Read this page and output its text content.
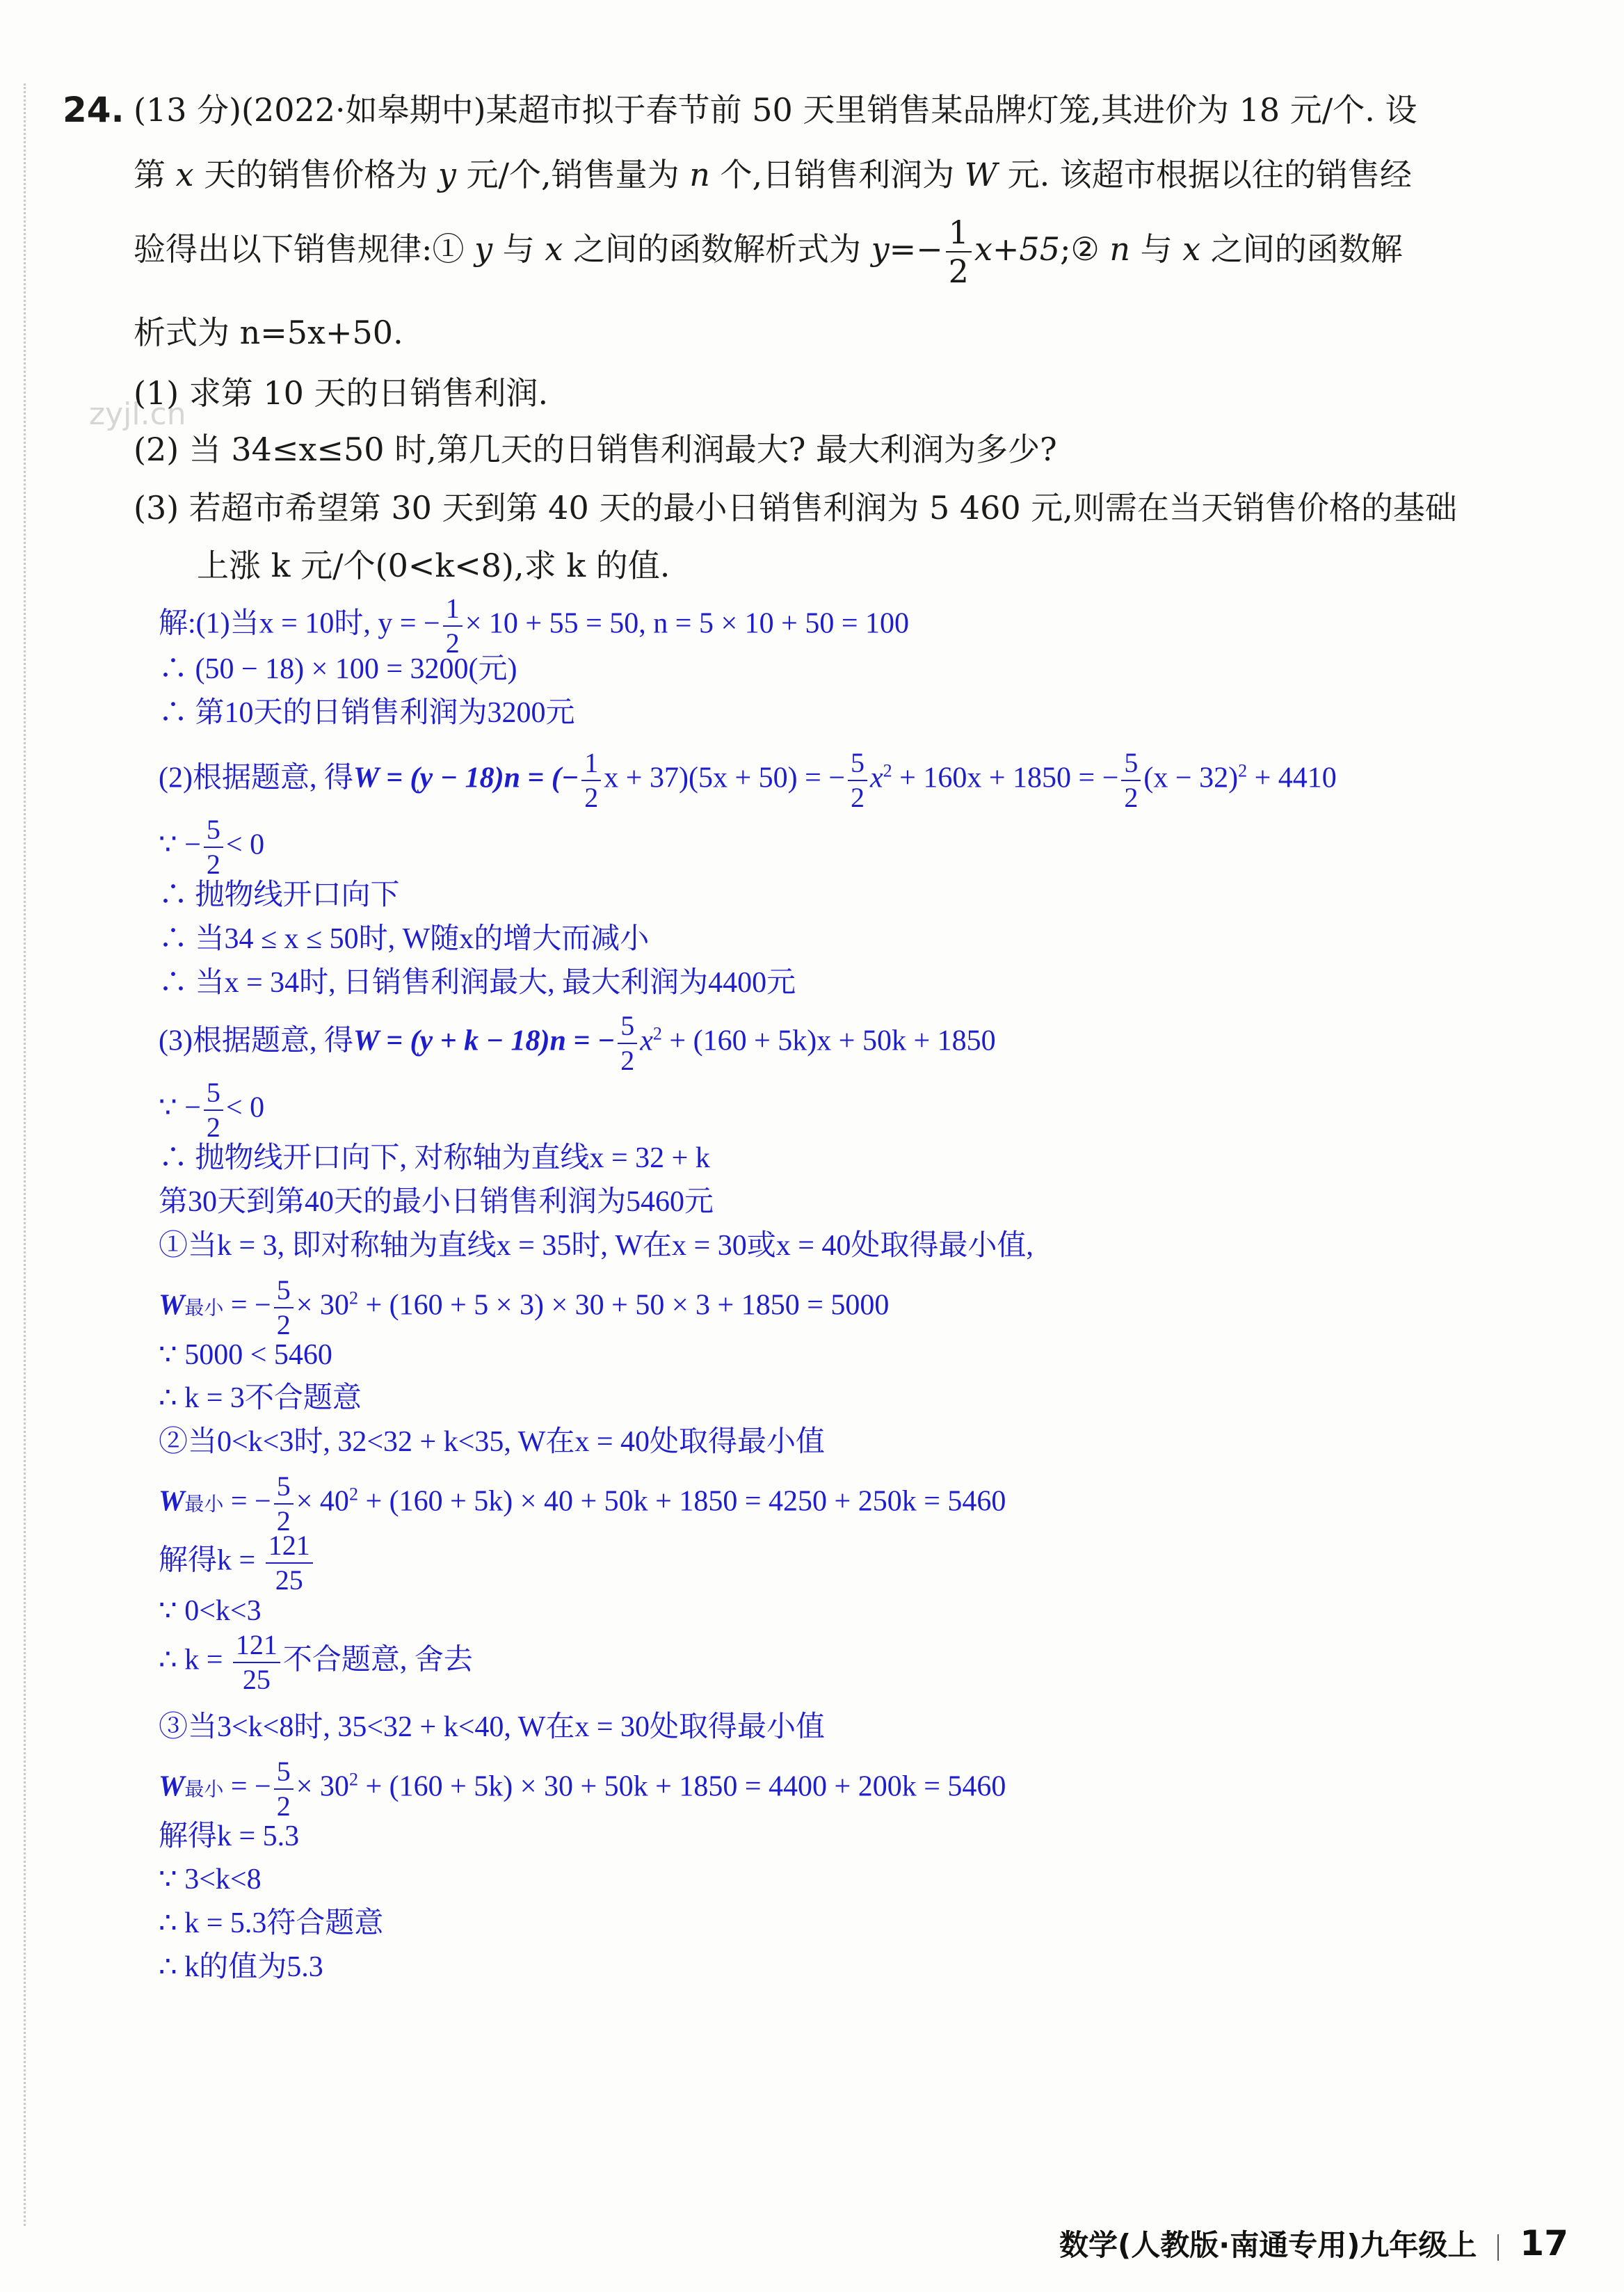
zyjl.cn
24. (13 分)(2022·如皋期中)某超市拟于春节前 50 天里销售某品牌灯笼,其进价为 18 元/个. 设
第 x 天的销售价格为 y 元/个,销售量为 n 个,日销售利润为 W 元. 该超市根据以往的销售经
验得出以下销售规律:① y 与 x 之间的函数解析式为 $y=- \frac{1}{2}$ x+55;② n 与 x 之间的函数解
析式为 n=5x+50.
(1) 求第 10 天的日销售利润.
(2) 当 34≤x≤50 时,第几天的日销售利润最大? 最大利润为多少?
(3) 若超市希望第 30 天到第 40 天的最小日销售利润为 5 460 元,则需在当天销售价格的基础
上涨 k 元/个(0<k<8),求 k 的值.
解:(1)当x = 10时, y = − $\frac{1}{2} \times 10 + 55 = 50$, n = 5 × 10 + 50 = 100
∴ (50 − 18) × 100 = 3200(元)
∴ 第10天的日销售利润为3200元
(2)根据题意, 得W = (y − 18)n = (− $\frac{1}{2}$ x + 37)(5x + 50) = − $\frac{5}{2} x^2 + 160x + 1850$ = − $\frac{5}{2} (x - 32)^2 + 4410$
∵ − $\frac{5}{2} < 0$
∴ 抛物线开口向下
∴ 当34 ≤ x ≤ 50时, W随x的增大而减小
∴ 当x = 34时, 日销售利润最大, 最大利润为4400元
(3)根据题意, 得W = (y + k − 18)n = − $\frac{5}{2} x^2 + (160 + 5k)x + 50k + 1850$
∵ − $\frac{5}{2} < 0$
∴ 抛物线开口向下, 对称轴为直线x = 32 + k
第30天到第40天的最小日销售利润为5460元
①当k = 3, 即对称轴为直线x = 35时, W在x = 30或x = 40处取得最小值,
W最小 = − $\frac{5}{2} \times 30^2 + (160 + 5 \times 3) \times 30 + 50 \times 3 + 1850 = 5000$
∵ 5000 < 5460
∴ k = 3不合题意
②当0<k<3时, 32<32 + k<35, W在x = 40处取得最小值
W最小 = − $\frac{5}{2} \times 40^2 + (160 + 5k) \times 40 + 50k + 1850 = 4250 + 250k = 5460$
解得$k = \frac{121}{25}$
∵ 0<k<3
∴ $k = \frac{121}{25}$ 不合题意, 舍去
③当3<k<8时, 35<32 + k<40, W在x = 30处取得最小值
W最小 = − $\frac{5}{2} \times 30^2 + (160 + 5k) \times 30 + 50k + 1850 = 4400 + 200k = 5460$
解得k = 5.3
∵ 3<k<8
∴ k = 5.3符合题意
∴ k的值为5.3
数学(人教版·南通专用)九年级上 17
